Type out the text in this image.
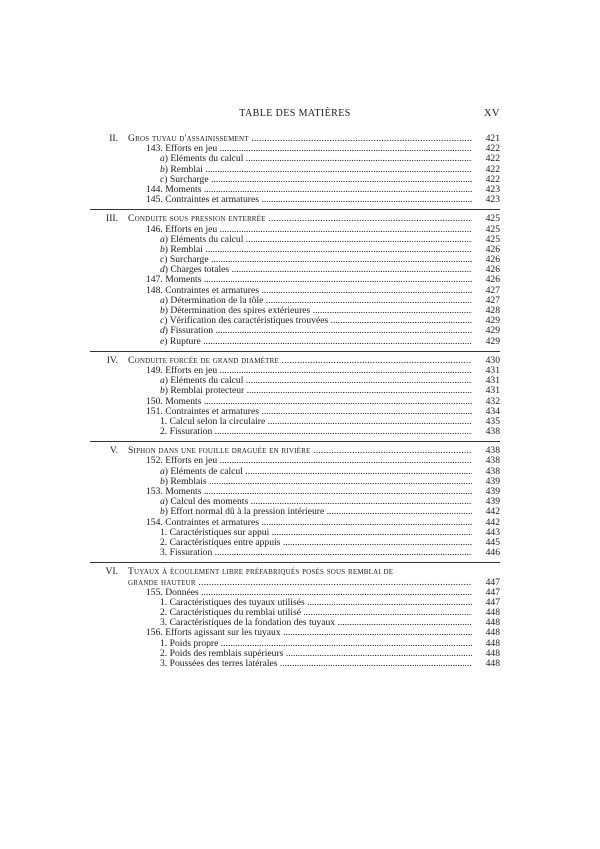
TABLE DES MATIÈRES	XV
II. Gros tuyau d'assainissement .....	421
143. Efforts en jeu .....	422
a) Eléments du calcul .....	422
b) Remblai .....	422
c) Surcharge .....	422
144. Moments .....	423
145. Contraintes et armatures .....	423
III. Conduite sous pression enterrée .....	425
146. Efforts en jeu .....	425
a) Eléments du calcul .....	425
b) Remblai .....	426
c) Surcharge .....	426
d) Charges totales .....	426
147. Moments .....	426
148. Contraintes et armatures .....	427
a) Détermination de la tôle .....	427
b) Détermination des spires extérieures .....	428
c) Vérification des caractéristiques trouvées .....	429
d) Fissuration .....	429
e) Rupture .....	429
IV. Conduite forcée de grand diamètre .....	430
149. Efforts en jeu .....	431
a) Eléments du calcul .....	431
b) Remblai protecteur .....	431
150. Moments .....	432
151. Contraintes et armatures .....	434
1. Calcul selon la circulaire .....	435
2. Fissuration .....	438
V. Siphon dans une fouille draguée en rivière .....	438
152. Efforts en jeu .....	438
a) Eléments de calcul .....	438
b) Remblais .....	439
153. Moments .....	439
a) Calcul des moments .....	439
b) Effort normal dû à la pression intérieure .....	442
154. Contraintes et armatures .....	442
1. Caractéristiques sur appui .....	443
2. Caractéristiques entre appuis .....	445
3. Fissuration .....	446
VI. Tuyaux à écoulement libre préfabriqués posés sous remblai de
grande hauteur .....	447
155. Données .....	447
1. Caractéristiques des tuyaux utilisés .....	447
2. Caractéristiques du remblai utilisé .....	448
3. Caractéristiques de la fondation des tuyaux .....	448
156. Efforts agissant sur les tuyaux .....	448
1. Poids propre .....	448
2. Poids des remblais supérieurs .....	448
3. Poussées des terres latérales .....	448
